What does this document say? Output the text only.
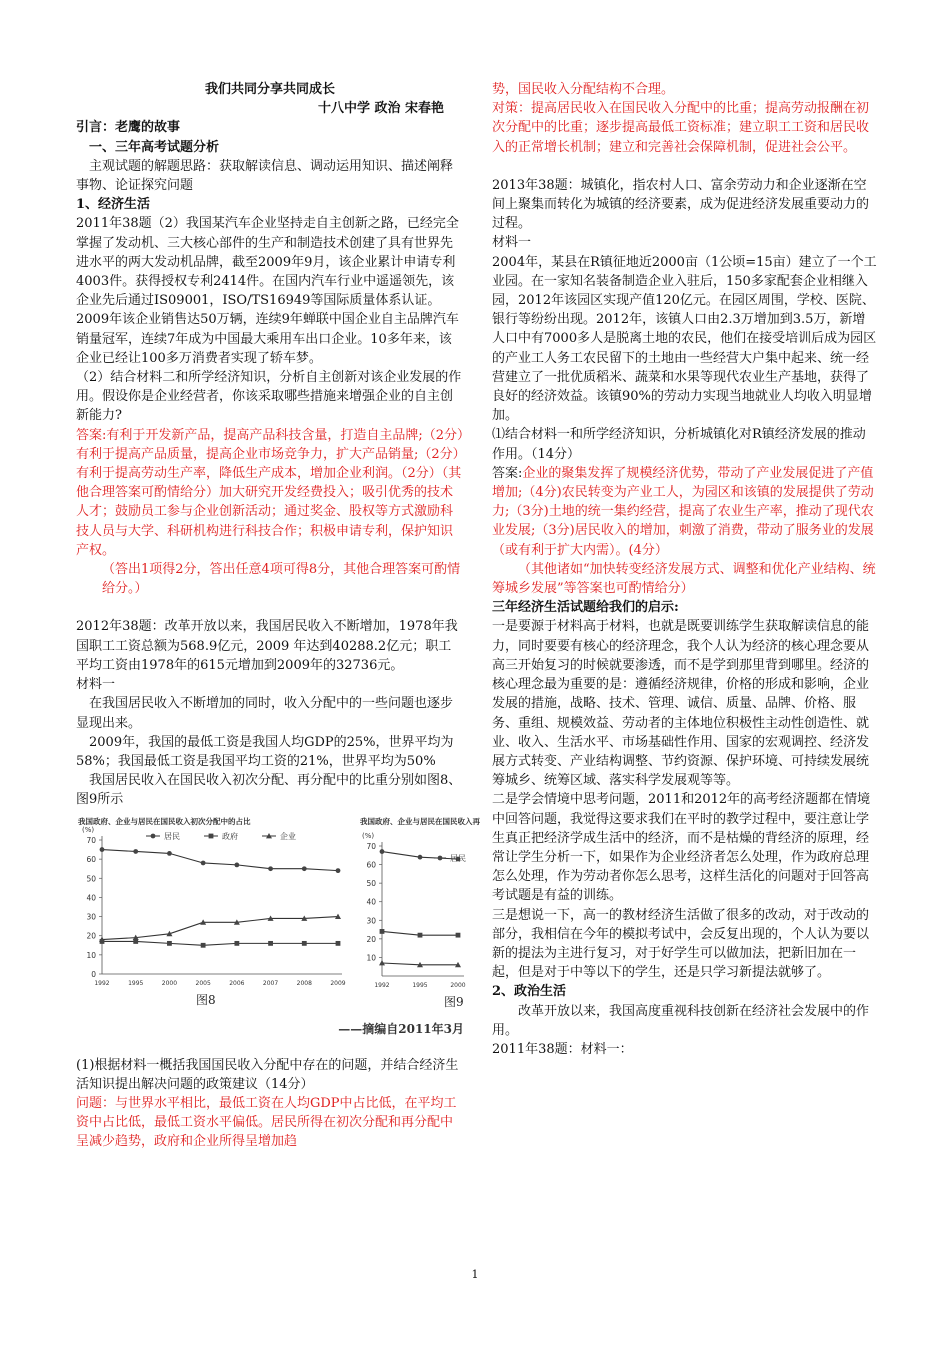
我们共同分享共同成长

十八中学 政治 宋春艳

引言：老鹰的故事

一、三年高考试题分析

主观试题的解题思路：获取解读信息、调动运用知识、描述阐释事物、论证探究问题

1、经济生活

2011年38题（2）我国某汽车企业坚持走自主创新之路，已经完全掌握了发动机、三大核心部件的生产和制造技术创建了具有世界先进水平的两大发动机品牌，截至2009年9月，该企业累计申请专利 4003件。获得授权专利2414件。在国内汽车行业中遥遥领先，该企业先后通过IS09001，ISO/TS16949等国际质量体系认证。2009年该企业销售达50万辆，连续9年蝉联中国企业自主品牌汽车销量冠军，连续7年成为中国最大乘用车出口企业。10多年来，该企业已经让100多万消费者实现了轿车梦。

（2）结合材料二和所学经济知识，分析自主创新对该企业发展的作用。假设你是企业经营者，你该采取哪些措施来增强企业的自主创新能力?

答案:有利于开发新产品，提高产品科技含量，打造自主品牌;（2分）有利于提高产品质量，提高企业市场竞争力，扩大产品销量;（2分）有利于提高劳动生产率，降低生产成本，增加企业利润。（2分）（其他合理答案可酌情给分）加大研究开发经费投入；吸引优秀的技术人才；鼓励员工参与企业创新活动；通过奖金、股权等方式激励科技人员与大学、科研机构进行科技合作；积极申请专利，保护知识产权。

（答出1项得2分，答出任意4项可得8分，其他合理答案可酌情给分。）

2012年38题：改革开放以来，我国居民收入不断增加，1978年我国职工工资总额为568.9亿元，2009 年达到40288.2亿元；职工平均工资由1978年的615元增加到2009年的32736元。

材料一

在我国居民收入不断增加的同时，收入分配中的一些问题也逐步显现出来。

2009年，我国的最低工资是我国人均GDP的25%，世界平均为58%；我国最低工资是我国平均工资的21%，世界平均为50%

我国居民收入在国民收入初次分配、再分配中的比重分别如图8、图9所示

我国政府、企业与居民在国民收入初次分配中的占比
(%)
70
60
50
40
30
20
10
0
1992	1995	2000	2005	2006	2007	2008	2009
图8
居民	政府	企业
我国政府、企业与居民在国民收入再
(%)
70
60
50
40
30
20
10
1992	1995	2000
图9
居民
——摘编自2011年3月

(1)根据材料一概括我国国民收入分配中存在的问题，并结合经济生活知识提出解决问题的政策建议（14分）

问题：与世界水平相比，最低工资在人均GDP中占比低，在平均工资中占比低，最低工资水平偏低。居民所得在初次分配和再分配中呈减少趋势，政府和企业所得呈增加趋

势，国民收入分配结构不合理。

对策：提高居民收入在国民收入分配中的比重；提高劳动报酬在初次分配中的比重；逐步提高最低工资标准；建立职工工资和居民收入的正常增长机制；建立和完善社会保障机制，促进社会公平。

2013年38题：城镇化，指农村人口、富余劳动力和企业逐渐在空间上聚集而转化为城镇的经济要素，成为促进经济发展重要动力的过程。

材料一

2004年，某县在R镇征地近2000亩（1公顷=15亩）建立了一个工业园。在一家知名装备制造企业入驻后，150多家配套企业相继入园，2012年该园区实现产值120亿元。在园区周围，学校、医院、银行等纷纷出现。2012年，该镇人口由2.3万增加到3.5万，新增人口中有7000多人是脱离土地的农民，他们在接受培训后成为园区的产业工人务工农民留下的土地由一些经营大户集中起来、统一经营建立了一批优质稻米、蔬菜和水果等现代农业生产基地，获得了良好的经济效益。该镇90%的劳动力实现当地就业人均收入明显增加。

⑴结合材料一和所学经济知识，分析城镇化对R镇经济发展的推动作用。（14分）

答案:企业的聚集发挥了规模经济优势，带动了产业发展促进了产值增加;（4分)农民转变为产业工人，为园区和该镇的发展提供了劳动力;（3分)土地的统一集约经营，提高了农业生产率，推动了现代农业发展;（3分)居民收入的增加，刺激了消费，带动了服务业的发展（或有利于扩大内需）。(4分）

（其他诸如“加快转变经济发展方式、调整和优化产业结构、统筹城乡发展”等答案也可酌情给分）

三年经济生活试题给我们的启示:

一是要源于材料高于材料，也就是既要训练学生获取解读信息的能力，同时要要有核心的经济理念，我个人认为经济的核心理念要从高三开始复习的时候就要渗透，而不是学到那里背到哪里。经济的核心理念最为重要的是：遵循经济规律，价格的形成和影响，企业发展的措施，战略、技术、管理、诚信、质量、品牌、价格、服务、重组、规模效益、劳动者的主体地位积极性主动性创造性、就业、收入、生活水平、市场基础性作用、国家的宏观调控、经济发展方式转变、产业结构调整、节约资源、保护环境、可持续发展统筹城乡、统筹区域、落实科学发展观等等。

二是学会情境中思考问题，2011和2012年的高考经济题都在情境中回答问题，我觉得这要求我们在平时的教学过程中，要注意让学生真正把经济学成生活中的经济，而不是枯燥的背经济的原理，经常让学生分析一下，如果作为企业经济者怎么处理，作为政府总理怎么处理，作为劳动者你怎么思考，这样生活化的问题对于回答高考试题是有益的训练。

三是想说一下，高一的教材经济生活做了很多的改动，对于改动的部分，我相信在今年的模拟考试中，会反复出现的，个人认为要以新的提法为主进行复习，对于好学生可以做加法，把新旧加在一起，但是对于中等以下的学生，还是只学习新提法就够了。

2、政治生活

改革开放以来，我国高度重视科技创新在经济社会发展中的作用。

2011年38题：材料一：

1
